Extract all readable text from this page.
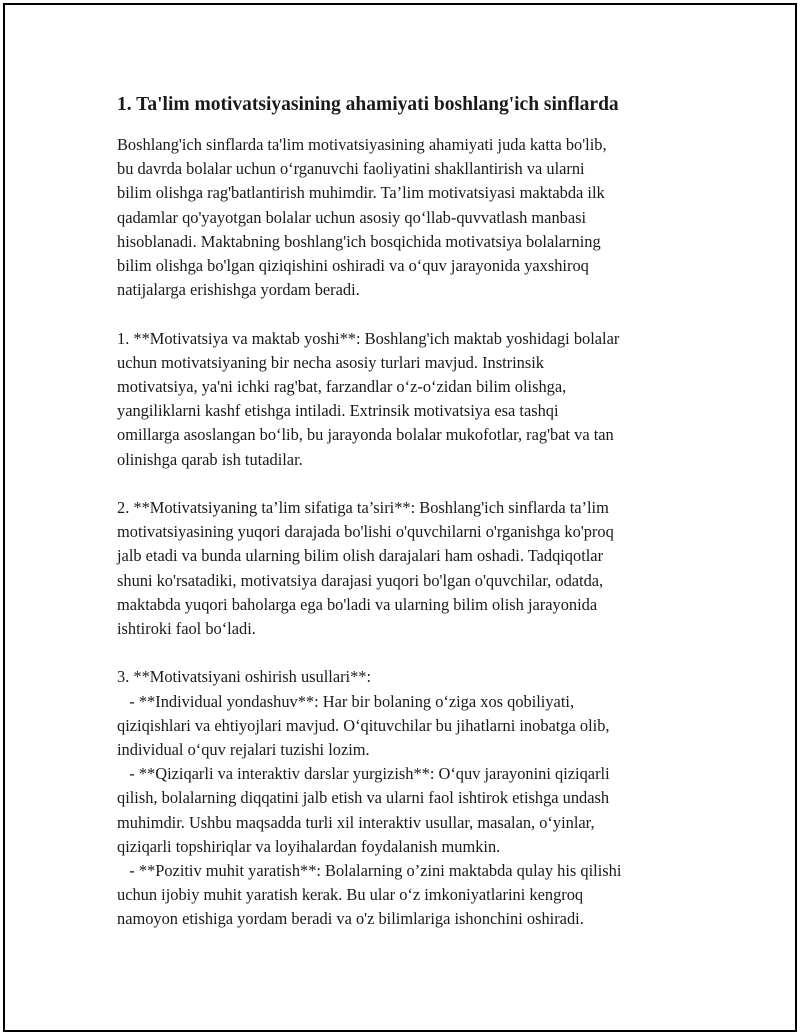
1. Ta'lim motivatsiyasining ahamiyati boshlang'ich sinflarda
Boshlang'ich sinflarda ta'lim motivatsiyasining ahamiyati juda katta bo'lib,
bu davrda bolalar uchun o‘rganuvchi faoliyatini shakllantirish va ularni
bilim olishga rag'batlantirish muhimdir. Ta’lim motivatsiyasi maktabda ilk
qadamlar qo'yayotgan bolalar uchun asosiy qo‘llab-quvvatlash manbasi
hisoblanadi. Maktabning boshlang'ich bosqichida motivatsiya bolalarning
bilim olishga bo'lgan qiziqishini oshiradi va o‘quv jarayonida yaxshiroq
natijalarga erishishga yordam beradi.
1. **Motivatsiya va maktab yoshi**: Boshlang'ich maktab yoshidagi bolalar
uchun motivatsiyaning bir necha asosiy turlari mavjud. Instrinsik
motivatsiya, ya'ni ichki rag'bat, farzandlar o‘z-o‘zidan bilim olishga,
yangiliklarni kashf etishga intiladi. Extrinsik motivatsiya esa tashqi
omillarga asoslangan bo‘lib, bu jarayonda bolalar mukofotlar, rag'bat va tan
olinishga qarab ish tutadilar.
2. **Motivatsiyaning ta’lim sifatiga ta’siri**: Boshlang'ich sinflarda ta’lim
motivatsiyasining yuqori darajada bo'lishi o'quvchilarni o'rganishga ko'proq
jalb etadi va bunda ularning bilim olish darajalari ham oshadi. Tadqiqotlar
shuni ko'rsatadiki, motivatsiya darajasi yuqori bo'lgan o'quvchilar, odatda,
maktabda yuqori baholarga ega bo'ladi va ularning bilim olish jarayonida
ishtiroki faol bo‘ladi.
3. **Motivatsiyani oshirish usullari**:
- **Individual yondashuv**: Har bir bolaning o‘ziga xos qobiliyati,
qiziqishlari va ehtiyojlari mavjud. O‘qituvchilar bu jihatlarni inobatga olib,
individual o‘quv rejalari tuzishi lozim.
- **Qiziqarli va interaktiv darslar yurgizish**: O‘quv jarayonini qiziqarli
qilish, bolalarning diqqatini jalb etish va ularni faol ishtirok etishga undash
muhimdir. Ushbu maqsadda turli xil interaktiv usullar, masalan, o‘yinlar,
qiziqarli topshiriqlar va loyihalardan foydalanish mumkin.
- **Pozitiv muhit yaratish**: Bolalarning o’zini maktabda qulay his qilishi
uchun ijobiy muhit yaratish kerak. Bu ular o‘z imkoniyatlarini kengroq
namoyon etishiga yordam beradi va o'z bilimlariga ishonchini oshiradi.
